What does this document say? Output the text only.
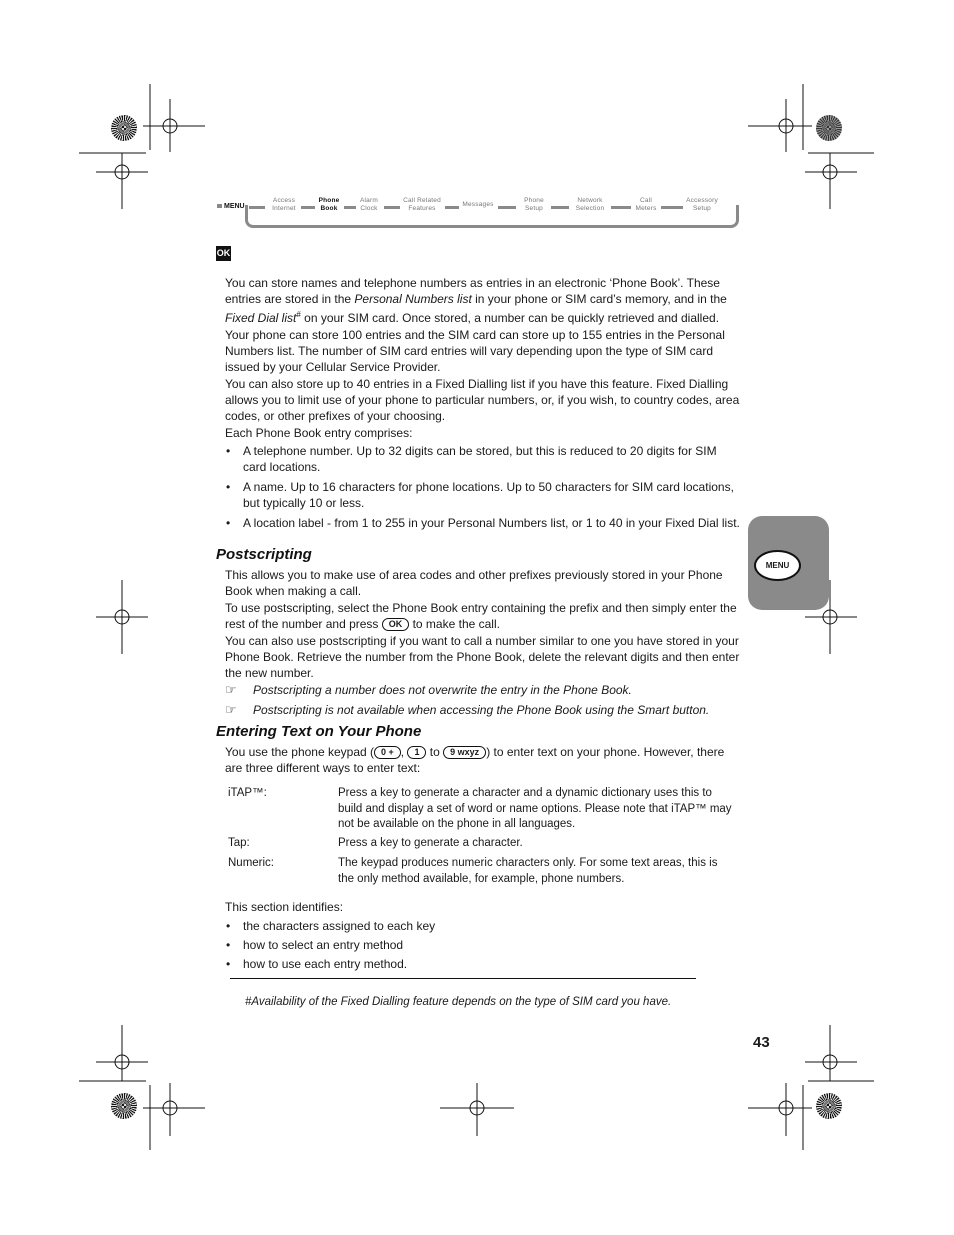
MENU
Access
Internet
Phone
Book
Alarm
Clock
Call Related
Features
Messages
Phone
Setup
Network
Selection
Call
Meters
Accessory
Setup
OK

You can store names and telephone numbers as entries in an electronic ‘Phone Book’. These entries are stored in the Personal Numbers list in your phone or SIM card’s memory, and in the Fixed Dial list# on your SIM card. Once stored, a number can be quickly retrieved and dialled.

Your phone can store 100 entries and the SIM card can store up to 155 entries in the Personal Numbers list. The number of SIM card entries will vary depending upon the type of SIM card issued by your Cellular Service Provider.

You can also store up to 40 entries in a Fixed Dialling list if you have this feature. Fixed Dialling allows you to limit use of your phone to particular numbers, or, if you wish, to country codes, area codes, or other prefixes of your choosing.

Each Phone Book entry comprises:

• A telephone number. Up to 32 digits can be stored, but this is reduced to 20 digits for SIM card locations.
• A name. Up to 16 characters for phone locations. Up to 50 characters for SIM card locations, but typically 10 or less.
• A location label - from 1 to 255 in your Personal Numbers list, or 1 to 40 in your Fixed Dial list.
Postscripting

This allows you to make use of area codes and other prefixes previously stored in your Phone Book when making a call.

To use postscripting, select the Phone Book entry containing the prefix and then simply enter the rest of the number and press OK to make the call.

You can also use postscripting if you want to call a number similar to one you have stored in your Phone Book. Retrieve the number from the Phone Book, delete the relevant digits and then enter the new number.

☞ Postscripting a number does not overwrite the entry in the Phone Book.
☞ Postscripting is not available when accessing the Phone Book using the Smart button.
Entering Text on Your Phone

You use the phone keypad ( 0 + , 1 to 9 wxyz ) to enter text on your phone. However, there are three different ways to enter text:

iTAP™:	Press a key to generate a character and a dynamic dictionary uses this to build and display a set of word or name options. Please note that iTAP™ may not be available on the phone in all languages.
Tap:	Press a key to generate a character.
Numeric:	The keypad produces numeric characters only. For some text areas, this is the only method available, for example, phone numbers.

This section identifies:

• the characters assigned to each key
• how to select an entry method
• how to use each entry method.
#Availability of the Fixed Dialling feature depends on the type of SIM card you have.
43
MENU
